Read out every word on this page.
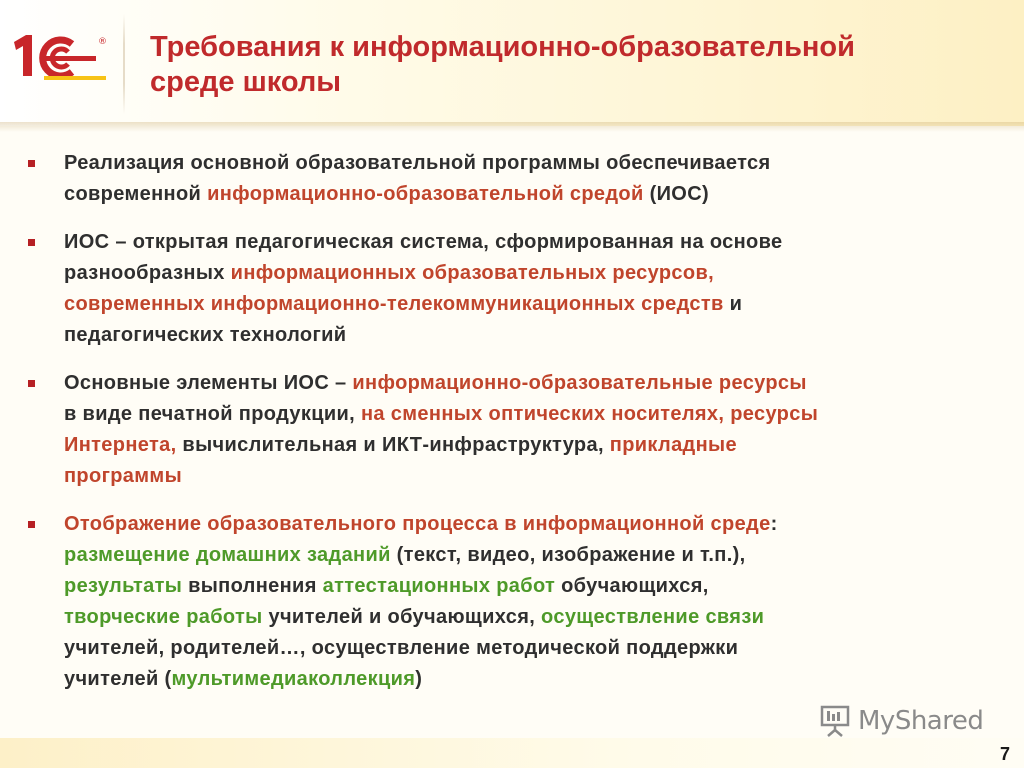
® Требования к информационно-образовательной
среде школы
Реализация основной образовательной программы обеспечивается
современной информационно-образовательной средой (ИОС)
ИОС – открытая педагогическая система, сформированная на основе
разнообразных информационных образовательных ресурсов,
современных информационно-телекоммуникационных средств и
педагогических технологий
Основные элементы ИОС – информационно-образовательные ресурсы
в виде печатной продукции, на сменных оптических носителях, ресурсы
Интернета, вычислительная и ИКТ-инфраструктура, прикладные
программы
Отображение образовательного процесса в информационной среде:
размещение домашних заданий (текст, видео, изображение и т.п.),
результаты выполнения аттестационных работ обучающихся,
творческие работы учителей и обучающихся, осуществление связи
учителей, родителей…, осуществление методической поддержки
учителей (мультимедиаколлекция)
MyShared
7
